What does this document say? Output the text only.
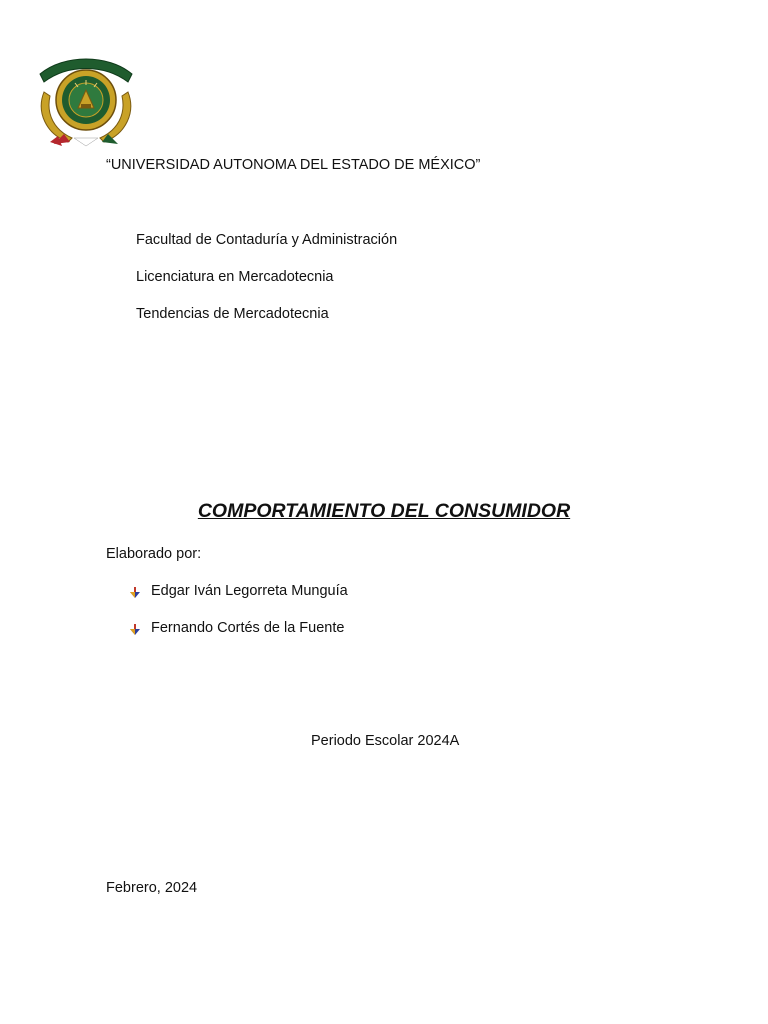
“UNIVERSIDAD AUTONOMA DEL ESTADO DE MÉXICO”
Facultad de Contaduría y Administración
Licenciatura en Mercadotecnia
Tendencias de Mercadotecnia
COMPORTAMIENTO DEL CONSUMIDOR
Elaborado por:
Edgar Iván Legorreta Munguía
Fernando Cortés de la Fuente
Periodo Escolar 2024A
Febrero, 2024
